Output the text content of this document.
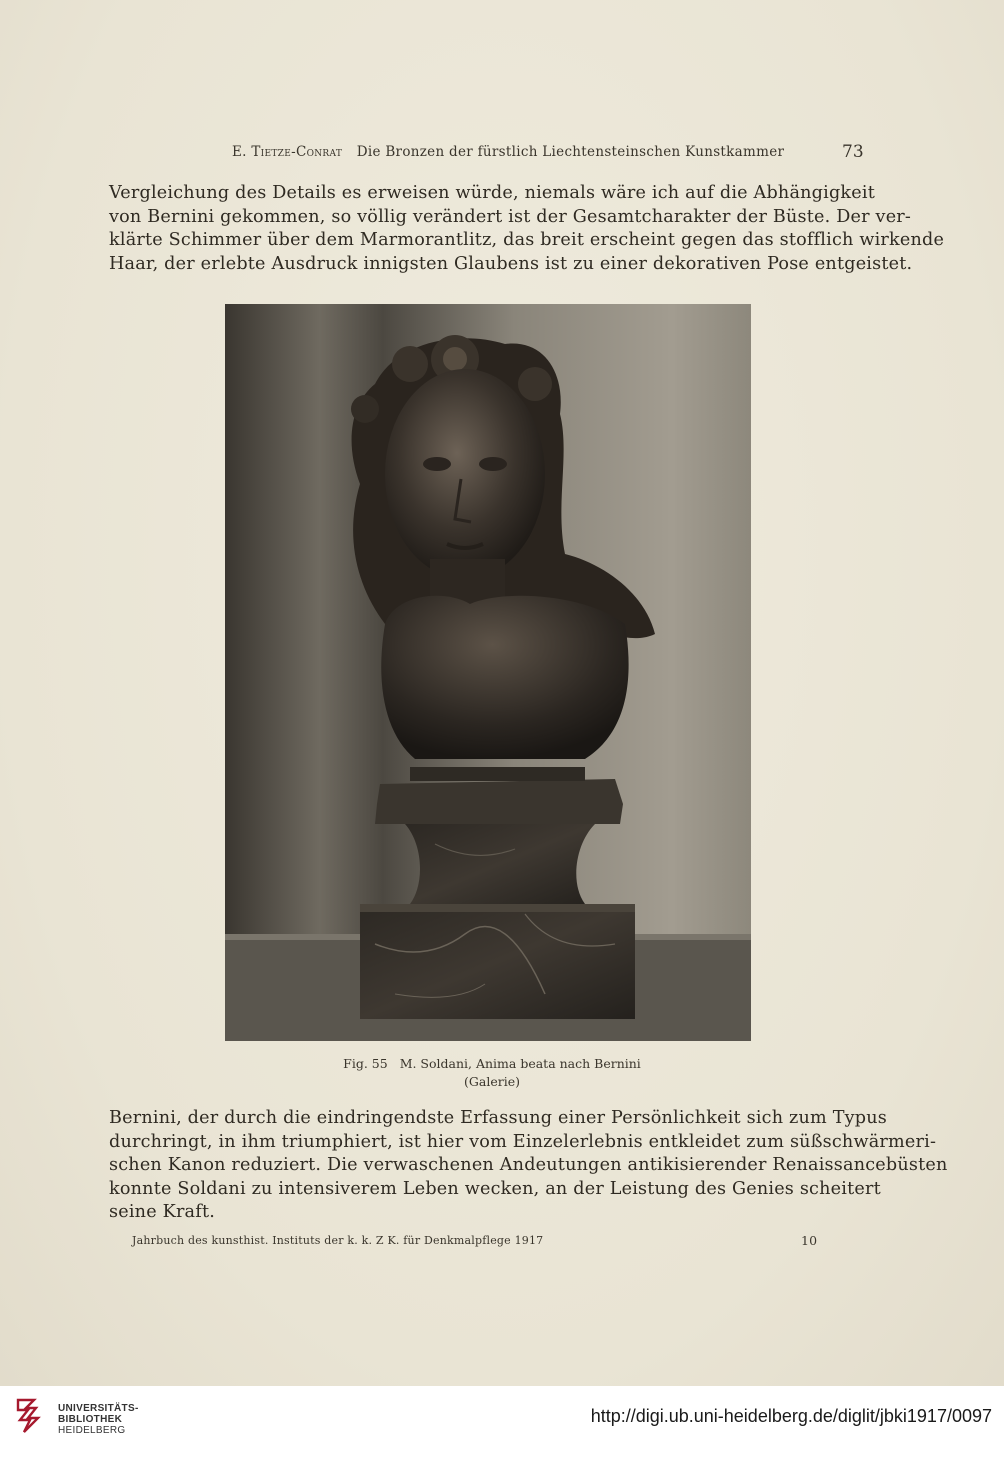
E. Tietze-Conrat Die Bronzen der fürstlich Liechtensteinschen Kunstkammer	73
Vergleichung des Details es erweisen würde, niemals wäre ich auf die Abhängigkeit
von Bernini gekommen, so völlig verändert ist der Gesamtcharakter der Büste. Der ver-
klärte Schimmer über dem Marmorantlitz, das breit erscheint gegen das stofflich wirkende
Haar, der erlebte Ausdruck innigsten Glaubens ist zu einer dekorativen Pose entgeistet.
Fig. 55 M. Soldani, Anima beata nach Bernini
(Galerie)
Bernini, der durch die eindringendste Erfassung einer Persönlichkeit sich zum Typus
durchringt, in ihm triumphiert, ist hier vom Einzelerlebnis entkleidet zum süßschwärmeri-
schen Kanon reduziert. Die verwaschenen Andeutungen antikisierender Renaissancebüsten
konnte Soldani zu intensiverem Leben wecken, an der Leistung des Genies scheitert
seine Kraft.
Jahrbuch des kunsthist. Instituts der k. k. Z K. für Denkmalpflege 1917	10
UNIVERSITÄTS-
BIBLIOTHEK
HEIDELBERG
http://digi.ub.uni-heidelberg.de/diglit/jbki1917/0097
